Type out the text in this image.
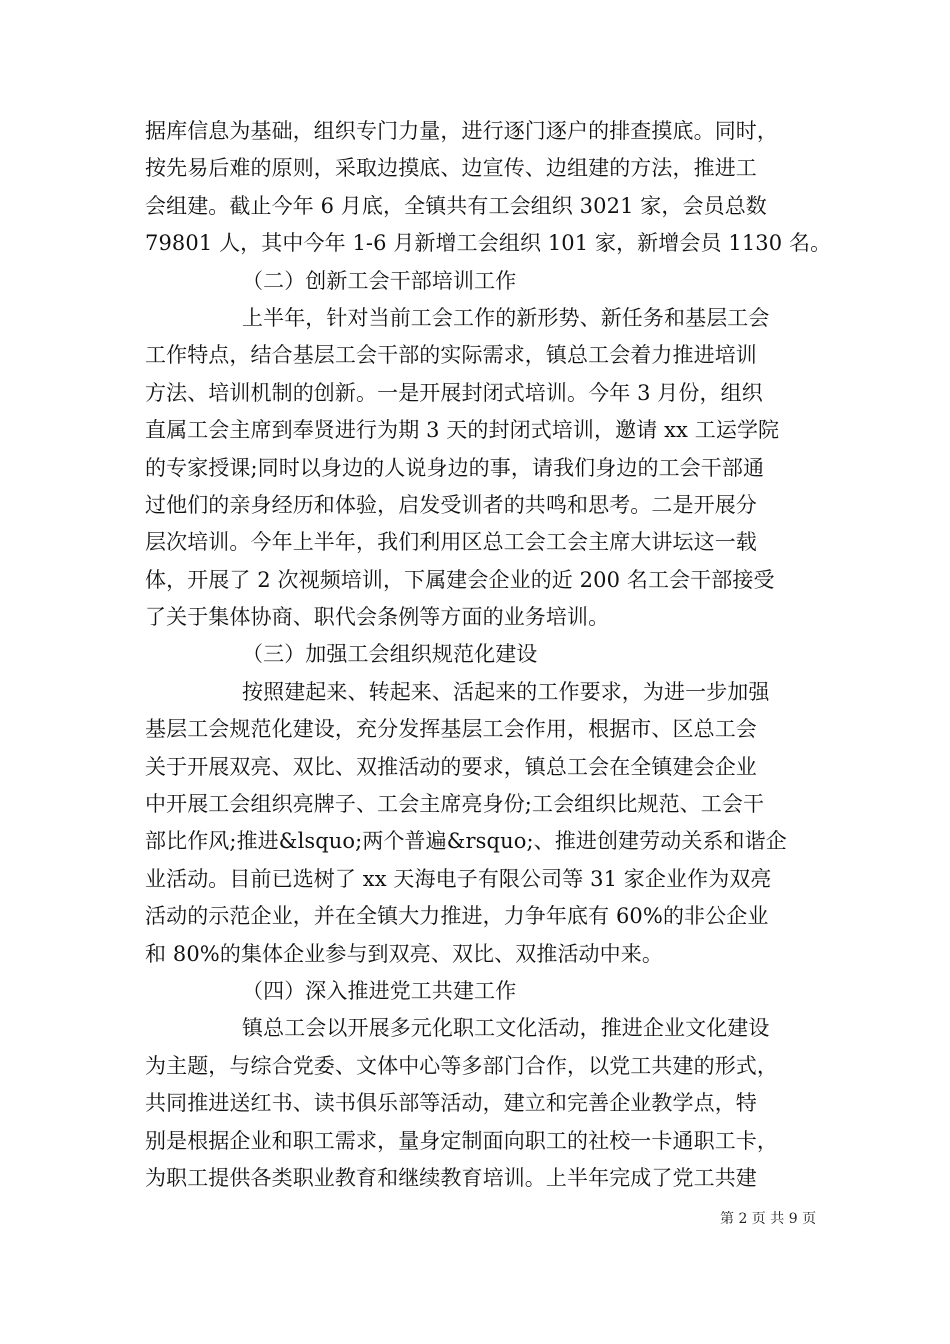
据库信息为基础，组织专门力量，进行逐门逐户的排查摸底。同时，
按先易后难的原则，采取边摸底、边宣传、边组建的方法，推进工
会组建。截止今年 6 月底，全镇共有工会组织 3021 家，会员总数
79801 人，其中今年 1-6 月新增工会组织 101 家，新增会员 1130 名。
（二）创新工会干部培训工作
上半年，针对当前工会工作的新形势、新任务和基层工会
工作特点，结合基层工会干部的实际需求，镇总工会着力推进培训
方法、培训机制的创新。一是开展封闭式培训。今年 3 月份，组织
直属工会主席到奉贤进行为期 3 天的封闭式培训，邀请 xx 工运学院
的专家授课;同时以身边的人说身边的事，请我们身边的工会干部通
过他们的亲身经历和体验，启发受训者的共鸣和思考。二是开展分
层次培训。今年上半年，我们利用区总工会工会主席大讲坛这一载
体，开展了 2 次视频培训，下属建会企业的近 200 名工会干部接受
了关于集体协商、职代会条例等方面的业务培训。
（三）加强工会组织规范化建设
按照建起来、转起来、活起来的工作要求，为进一步加强
基层工会规范化建设，充分发挥基层工会作用，根据市、区总工会
关于开展双亮、双比、双推活动的要求，镇总工会在全镇建会企业
中开展工会组织亮牌子、工会主席亮身份;工会组织比规范、工会干
部比作风;推进&lsquo;两个普遍&rsquo;、推进创建劳动关系和谐企
业活动。目前已选树了 xx 天海电子有限公司等 31 家企业作为双亮
活动的示范企业，并在全镇大力推进，力争年底有 60%的非公企业
和 80%的集体企业参与到双亮、双比、双推活动中来。
（四）深入推进党工共建工作
镇总工会以开展多元化职工文化活动，推进企业文化建设
为主题，与综合党委、文体中心等多部门合作，以党工共建的形式，
共同推进送红书、读书俱乐部等活动，建立和完善企业教学点，特
别是根据企业和职工需求，量身定制面向职工的社校一卡通职工卡，
为职工提供各类职业教育和继续教育培训。上半年完成了党工共建
第 2 页 共 9 页
